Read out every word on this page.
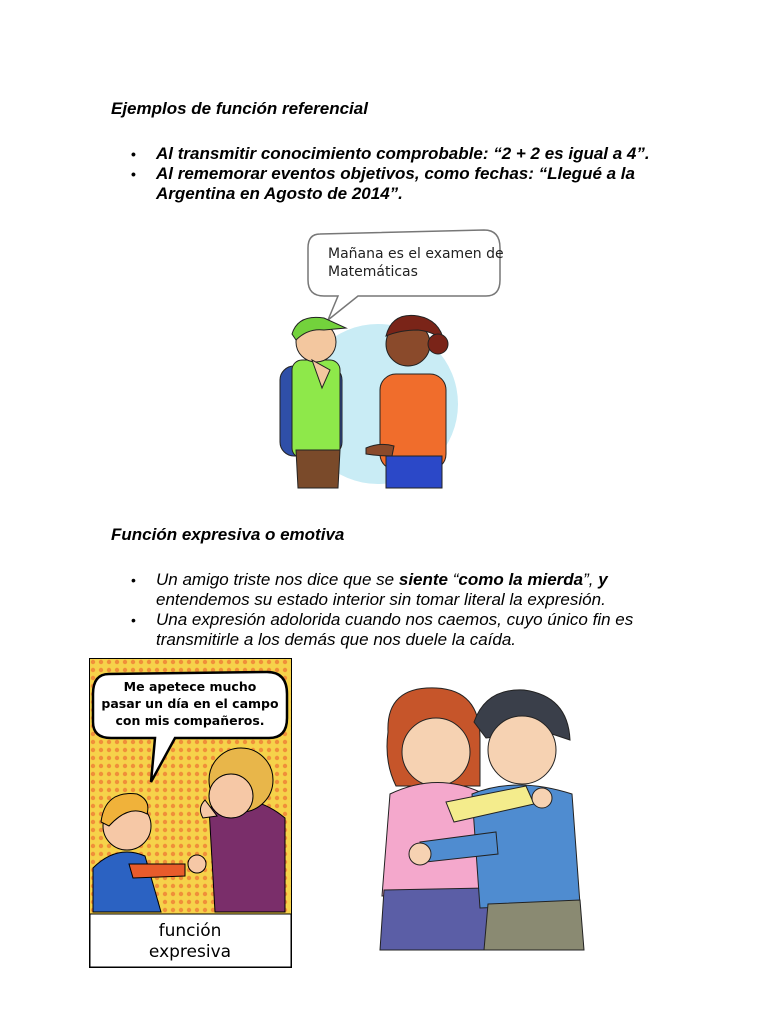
Ejemplos de función referencial
• Al transmitir conocimiento comprobable: “2 + 2 es igual a 4”.
• Al rememorar eventos objetivos, como fechas: “Llegué a la Argentina en Agosto de 2014”.
Mañana es el examen de
Matemáticas
Función expresiva o emotiva
• Un amigo triste nos dice que se siente “como la mierda”, y entendemos su estado interior sin tomar literal la expresión.
• Una expresión adolorida cuando nos caemos, cuyo único fin es transmitirle a los demás que nos duele la caída.
Me apetece mucho
pasar un día en el campo
con mis compañeros.
función
expresiva
